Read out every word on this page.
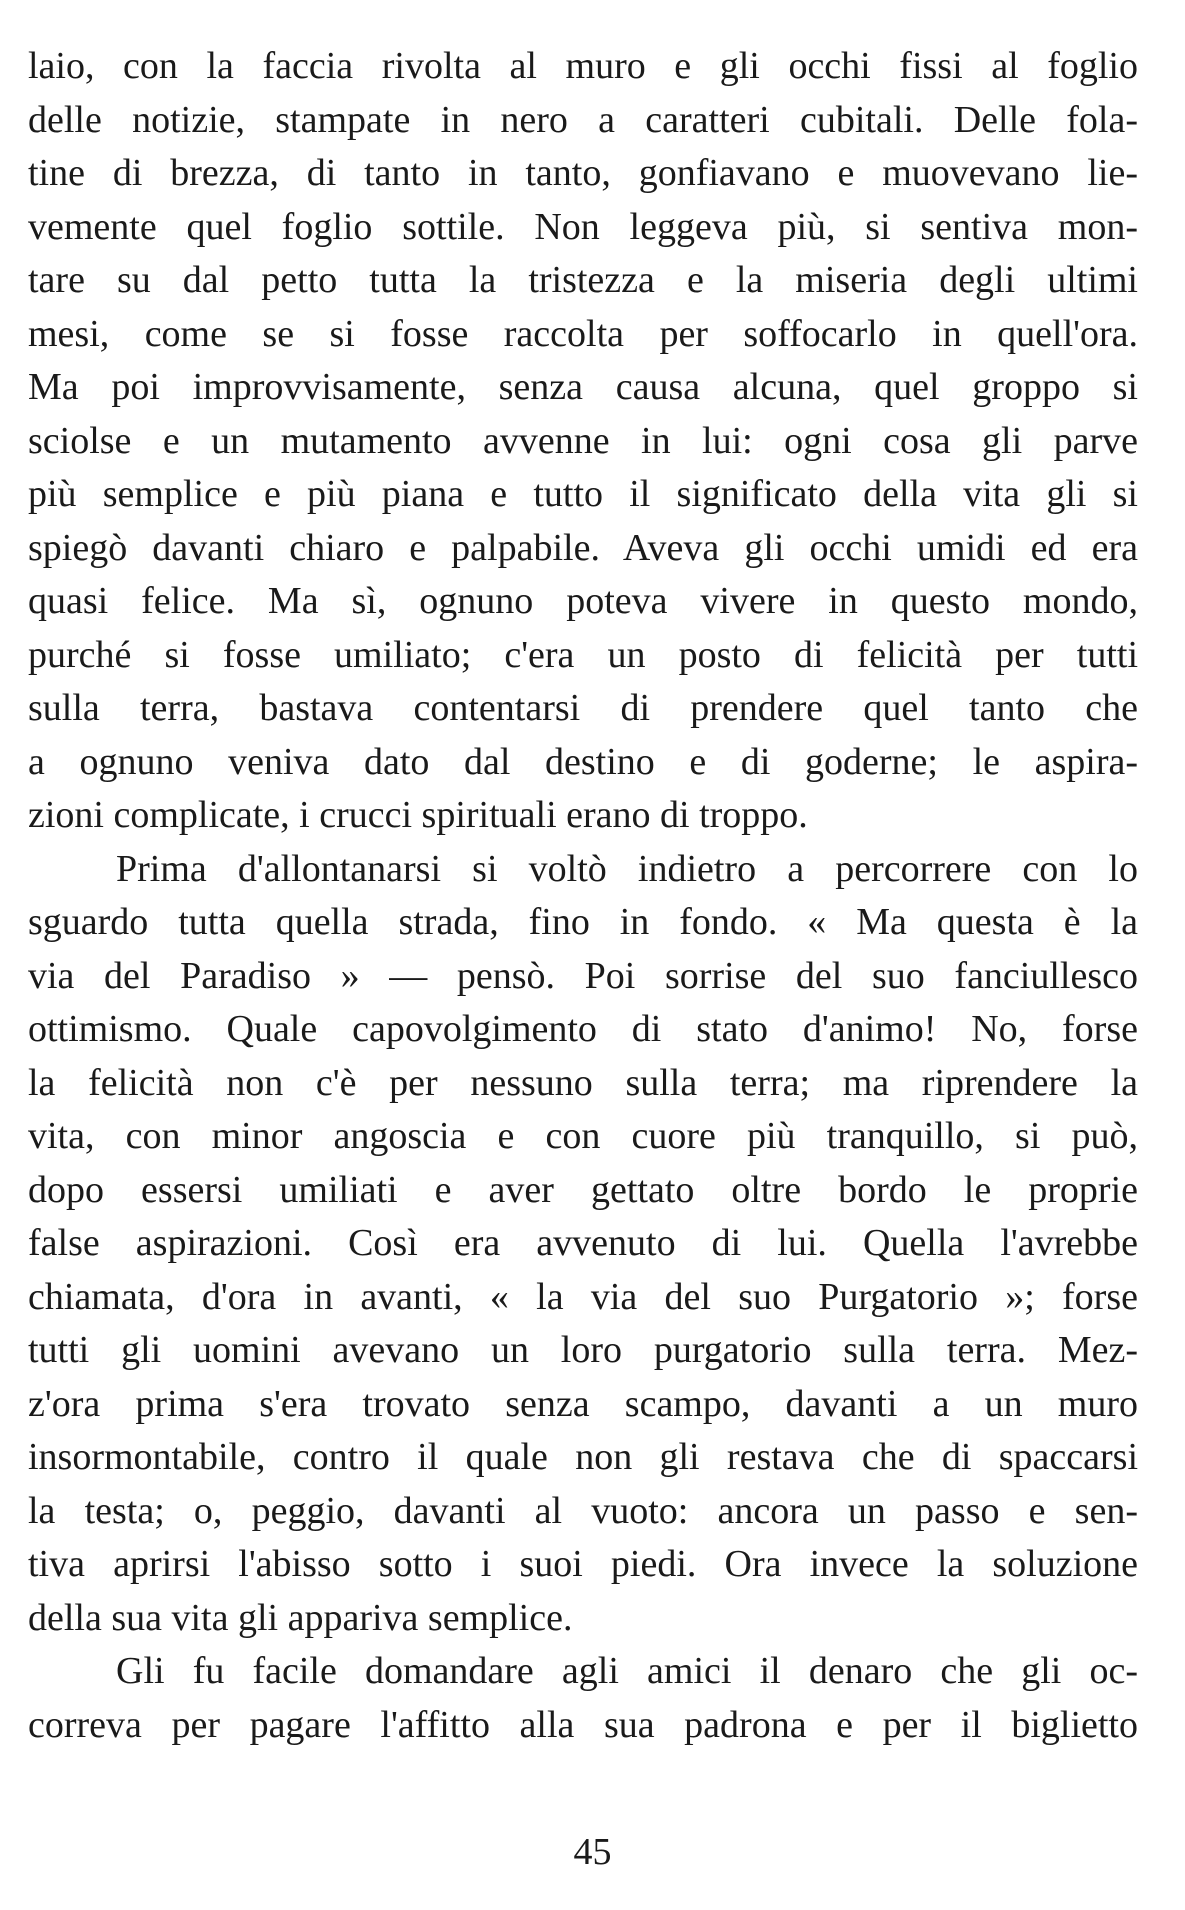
laio, con la faccia rivolta al muro e gli occhi fissi al foglio
delle notizie, stampate in nero a caratteri cubitali. Delle fola-
tine di brezza, di tanto in tanto, gonfiavano e muovevano lie-
vemente quel foglio sottile. Non leggeva più, si sentiva mon-
tare su dal petto tutta la tristezza e la miseria degli ultimi
mesi, come se si fosse raccolta per soffocarlo in quell'ora.
Ma poi improvvisamente, senza causa alcuna, quel groppo si
sciolse e un mutamento avvenne in lui: ogni cosa gli parve
più semplice e più piana e tutto il significato della vita gli si
spiegò davanti chiaro e palpabile. Aveva gli occhi umidi ed era
quasi felice. Ma sì, ognuno poteva vivere in questo mondo,
purché si fosse umiliato; c'era un posto di felicità per tutti
sulla terra, bastava contentarsi di prendere quel tanto che
a ognuno veniva dato dal destino e di goderne; le aspira-
zioni complicate, i crucci spirituali erano di troppo.
Prima d'allontanarsi si voltò indietro a percorrere con lo
sguardo tutta quella strada, fino in fondo. « Ma questa è la
via del Paradiso » — pensò. Poi sorrise del suo fanciullesco
ottimismo. Quale capovolgimento di stato d'animo! No, forse
la felicità non c'è per nessuno sulla terra; ma riprendere la
vita, con minor angoscia e con cuore più tranquillo, si può,
dopo essersi umiliati e aver gettato oltre bordo le proprie
false aspirazioni. Così era avvenuto di lui. Quella l'avrebbe
chiamata, d'ora in avanti, « la via del suo Purgatorio »; forse
tutti gli uomini avevano un loro purgatorio sulla terra. Mez-
z'ora prima s'era trovato senza scampo, davanti a un muro
insormontabile, contro il quale non gli restava che di spaccarsi
la testa; o, peggio, davanti al vuoto: ancora un passo e sen-
tiva aprirsi l'abisso sotto i suoi piedi. Ora invece la soluzione
della sua vita gli appariva semplice.
Gli fu facile domandare agli amici il denaro che gli oc-
correva per pagare l'affitto alla sua padrona e per il biglietto
45
